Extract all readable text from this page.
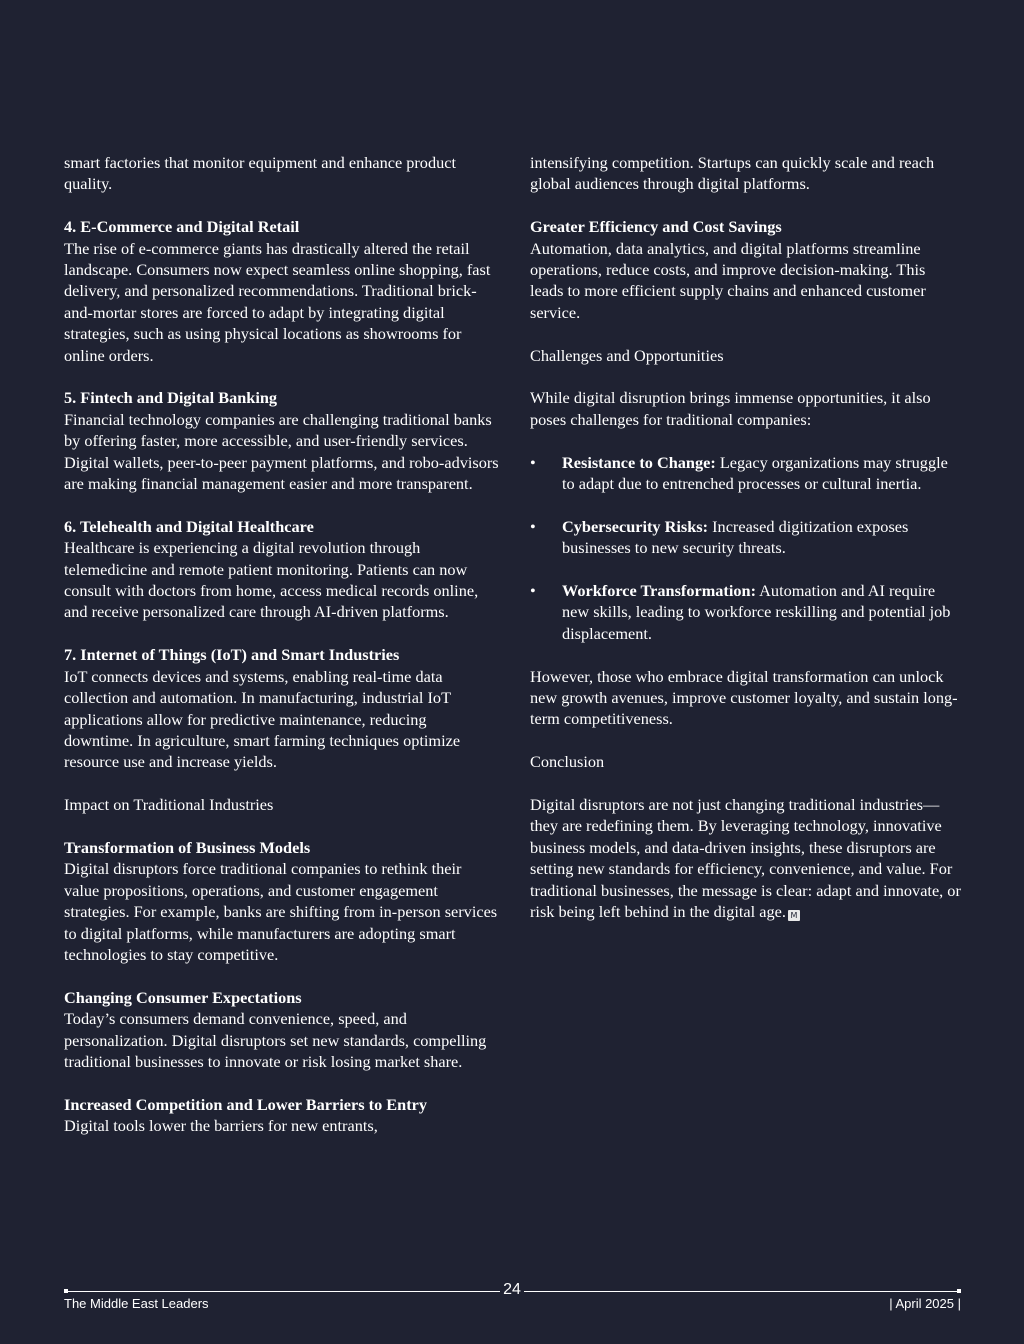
smart factories that monitor equipment and enhance product quality.

4. E-Commerce and Digital Retail

The rise of e-commerce giants has drastically altered the retail landscape. Consumers now expect seamless online shopping, fast delivery, and personalized recommendations. Traditional brick-and-mortar stores are forced to adapt by integrating digital strategies, such as using physical locations as showrooms for online orders.

5. Fintech and Digital Banking

Financial technology companies are challenging traditional banks by offering faster, more accessible, and user-friendly services. Digital wallets, peer-to-peer payment platforms, and robo-advisors are making financial management easier and more transparent.

6. Telehealth and Digital Healthcare

Healthcare is experiencing a digital revolution through telemedicine and remote patient monitoring. Patients can now consult with doctors from home, access medical records online, and receive personalized care through AI-driven platforms.

7. Internet of Things (IoT) and Smart Industries

IoT connects devices and systems, enabling real-time data collection and automation. In manufacturing, industrial IoT applications allow for predictive maintenance, reducing downtime. In agriculture, smart farming techniques optimize resource use and increase yields.

Impact on Traditional Industries

Transformation of Business Models

Digital disruptors force traditional companies to rethink their value propositions, operations, and customer engagement strategies. For example, banks are shifting from in-person services to digital platforms, while manufacturers are adopting smart technologies to stay competitive.

Changing Consumer Expectations

Today’s consumers demand convenience, speed, and personalization. Digital disruptors set new standards, compelling traditional businesses to innovate or risk losing market share.

Increased Competition and Lower Barriers to Entry

Digital tools lower the barriers for new entrants,

intensifying competition. Startups can quickly scale and reach global audiences through digital platforms.

Greater Efficiency and Cost Savings

Automation, data analytics, and digital platforms streamline operations, reduce costs, and improve decision-making. This leads to more efficient supply chains and enhanced customer service.

Challenges and Opportunities

While digital disruption brings immense opportunities, it also poses challenges for traditional companies:

• Resistance to Change: Legacy organizations may struggle to adapt due to entrenched processes or cultural inertia.
• Cybersecurity Risks: Increased digitization exposes businesses to new security threats.
• Workforce Transformation: Automation and AI require new skills, leading to workforce reskilling and potential job displacement.

However, those who embrace digital transformation can unlock new growth avenues, improve customer loyalty, and sustain long-term competitiveness.

Conclusion

Digital disruptors are not just changing traditional industries—they are redefining them. By leveraging technology, innovative business models, and data-driven insights, these disruptors are setting new standards for efficiency, convenience, and value. For traditional businesses, the message is clear: adapt and innovate, or risk being left behind in the digital age. M

24
The Middle East Leaders	| April 2025 |
